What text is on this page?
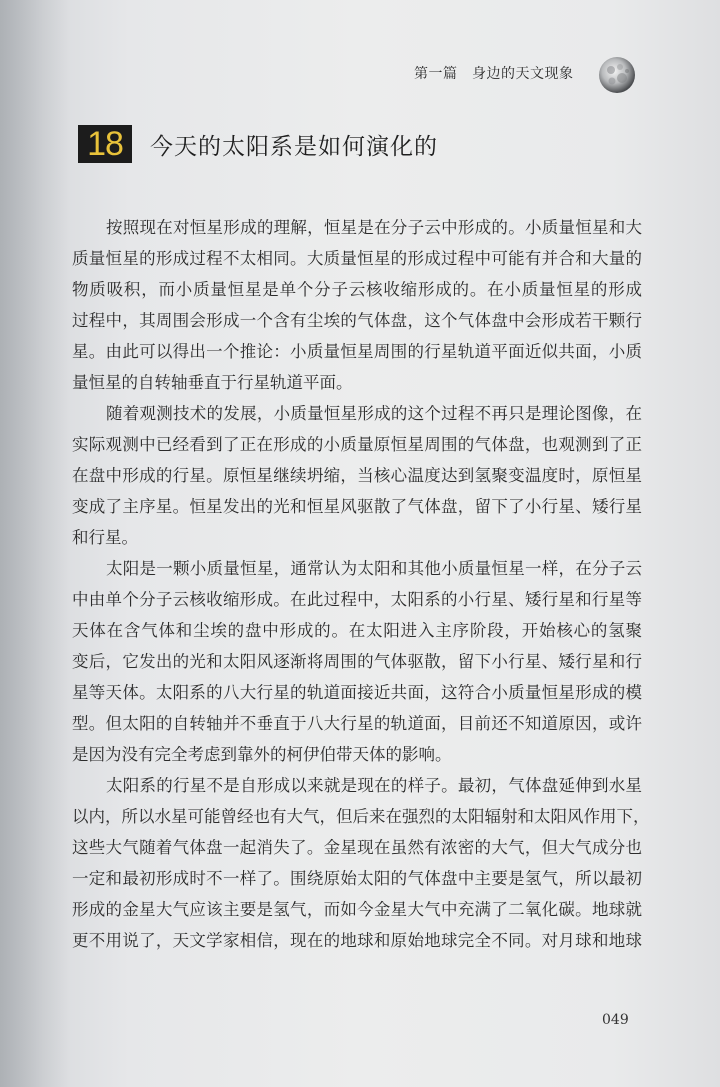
第一篇　身边的天文现象
18	今天的太阳系是如何演化的
按照现在对恒星形成的理解，恒星是在分子云中形成的。小质量恒星和大
质量恒星的形成过程不太相同。大质量恒星的形成过程中可能有并合和大量的
物质吸积，而小质量恒星是单个分子云核收缩形成的。在小质量恒星的形成
过程中，其周围会形成一个含有尘埃的气体盘，这个气体盘中会形成若干颗行
星。由此可以得出一个推论：小质量恒星周围的行星轨道平面近似共面，小质
量恒星的自转轴垂直于行星轨道平面。
随着观测技术的发展，小质量恒星形成的这个过程不再只是理论图像，在
实际观测中已经看到了正在形成的小质量原恒星周围的气体盘，也观测到了正
在盘中形成的行星。原恒星继续坍缩，当核心温度达到氢聚变温度时，原恒星
变成了主序星。恒星发出的光和恒星风驱散了气体盘，留下了小行星、矮行星
和行星。
太阳是一颗小质量恒星，通常认为太阳和其他小质量恒星一样，在分子云
中由单个分子云核收缩形成。在此过程中，太阳系的小行星、矮行星和行星等
天体在含气体和尘埃的盘中形成的。在太阳进入主序阶段，开始核心的氢聚
变后，它发出的光和太阳风逐渐将周围的气体驱散，留下小行星、矮行星和行
星等天体。太阳系的八大行星的轨道面接近共面，这符合小质量恒星形成的模
型。但太阳的自转轴并不垂直于八大行星的轨道面，目前还不知道原因，或许
是因为没有完全考虑到靠外的柯伊伯带天体的影响。
太阳系的行星不是自形成以来就是现在的样子。最初，气体盘延伸到水星
以内，所以水星可能曾经也有大气，但后来在强烈的太阳辐射和太阳风作用下，
这些大气随着气体盘一起消失了。金星现在虽然有浓密的大气，但大气成分也
一定和最初形成时不一样了。围绕原始太阳的气体盘中主要是氢气，所以最初
形成的金星大气应该主要是氢气，而如今金星大气中充满了二氧化碳。地球就
更不用说了，天文学家相信，现在的地球和原始地球完全不同。对月球和地球
049
